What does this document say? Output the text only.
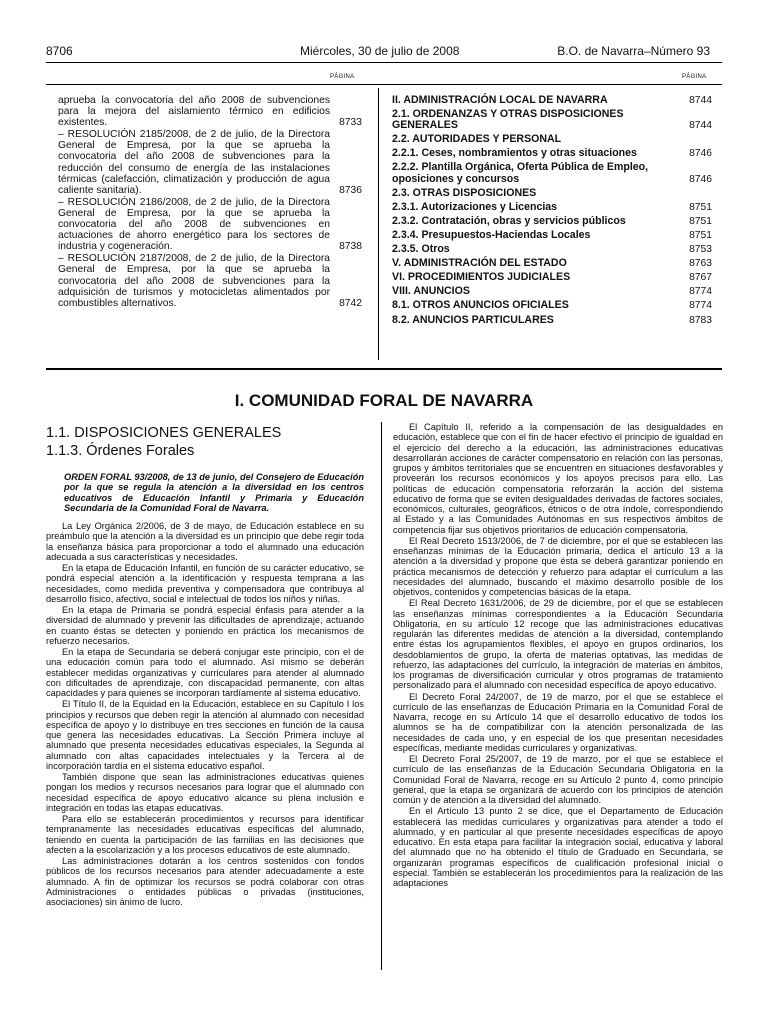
8706	Miércoles, 30 de julio de 2008	B.O. de Navarra–Número 93
PÁGINA	PÁGINA
aprueba la convocatoria del año 2008 de subvenciones para la mejora del aislamiento térmico en edificios existentes.	8733
– RESOLUCIÓN 2185/2008, de 2 de julio, de la Directora General de Empresa, por la que se aprueba la convocatoria del año 2008 de subvenciones para la reducción del consumo de energía de las instalaciones térmicas (calefacción, climatización y producción de agua caliente sanitaria).	8736
– RESOLUCIÓN 2186/2008, de 2 de julio, de la Directora General de Empresa, por la que se aprueba la convocatoria del año 2008 de subvenciones en actuaciones de ahorro energético para los sectores de industria y cogeneración.	8738
– RESOLUCIÓN 2187/2008, de 2 de julio, de la Directora General de Empresa, por la que se aprueba la convocatoria del año 2008 de subvenciones para la adquisición de turismos y motocicletas alimentados por combustibles alternativos.	8742
II. ADMINISTRACIÓN LOCAL DE NAVARRA	8744
2.1. ORDENANZAS Y OTRAS DISPOSICIONES
GENERALES	8744
2.2. AUTORIDADES Y PERSONAL
2.2.1. Ceses, nombramientos y otras situaciones	8746
2.2.2. Plantilla Orgánica, Oferta Pública de Empleo,
oposiciones y concursos	8746
2.3. OTRAS DISPOSICIONES
2.3.1. Autorizaciones y Licencias	8751
2.3.2. Contratación, obras y servicios públicos	8751
2.3.4. Presupuestos-Haciendas Locales	8751
2.3.5. Otros	8753
V. ADMINISTRACIÓN DEL ESTADO	8763
VI. PROCEDIMIENTOS JUDICIALES	8767
VIII. ANUNCIOS	8774
8.1. OTROS ANUNCIOS OFICIALES	8774
8.2. ANUNCIOS PARTICULARES	8783
I. COMUNIDAD FORAL DE NAVARRA
1.1. DISPOSICIONES GENERALES
1.1.3. Órdenes Forales

ORDEN FORAL 93/2008, de 13 de junio, del Consejero de Educación por la que se regula la atención a la diversidad en los centros educativos de Educación Infantil y Primaria y Educación Secundaria de la Comunidad Foral de Navarra.

La Ley Orgánica 2/2006, de 3 de mayo, de Educación establece en su preámbulo que la atención a la diversidad es un principio que debe regir toda la enseñanza básica para proporcionar a todo el alumnado una educación adecuada a sus características y necesidades.

En la etapa de Educación Infantil, en función de su carácter educativo, se pondrá especial atención a la identificación y respuesta temprana a las necesidades, como medida preventiva y compensadora que contribuya al desarrollo físico, afectivo, social e intelectual de todos los niños y niñas.

En la etapa de Primaria se pondrá especial énfasis para atender a la diversidad de alumnado y prevenir las dificultades de aprendizaje, actuando en cuanto éstas se detecten y poniendo en práctica los mecanismos de refuerzo necesarios.

En la etapa de Secundaria se deberá conjugar este principio, con el de una educación común para todo el alumnado. Así mismo se deberán establecer medidas organizativas y curriculares para atender al alumnado con dificultades de aprendizaje, con discapacidad permanente, con altas capacidades y para quienes se incorporan tardíamente al sistema educativo.

El Título II, de la Equidad en la Educación, establece en su Capítulo I los principios y recursos que deben regir la atención al alumnado con necesidad específica de apoyo y lo distribuye en tres secciones en función de la causa que genera las necesidades educativas. La Sección Primera incluye al alumnado que presenta necesidades educativas especiales, la Segunda al alumnado con altas capacidades intelectuales y la Tercera al de incorporación tardía en el sistema educativo español.

También dispone que sean las administraciones educativas quienes pongan los medios y recursos necesarios para lograr que el alumnado con necesidad específica de apoyo educativo alcance su plena inclusión e integración en todas las etapas educativas.

Para ello se establecerán procedimientos y recursos para identificar tempranamente las necesidades educativas específicas del alumnado, teniendo en cuenta la participación de las familias en las decisiones que afecten a la escolarización y a los procesos educativos de este alumnado.

Las administraciones dotarán a los centros sostenidos con fondos públicos de los recursos necesarios para atender adecuadamente a este alumnado. A fin de optimizar los recursos se podrá colaborar con otras Administraciones o entidades públicas o privadas (instituciones, asociaciones) sin ánimo de lucro.

El Capítulo II, referido a la compensación de las desigualdades en educación, establece que con el fin de hacer efectivo el principio de igualdad en el ejercicio del derecho a la educación, las administraciones educativas desarrollarán acciones de carácter compensatorio en relación con las personas, grupos y ámbitos territoriales que se encuentren en situaciones desfavorables y proveerán los recursos económicos y los apoyos precisos para ello. Las políticas de educación compensatoria reforzarán la acción del sistema educativo de forma que se eviten desigualdades derivadas de factores sociales, económicos, culturales, geográficos, étnicos o de otra índole, correspondiendo al Estado y a las Comunidades Autónomas en sus respectivos ámbitos de competencia fijar sus objetivos prioritarios de educación compensatoria.

El Real Decreto 1513/2006, de 7 de diciembre, por el que se establecen las enseñanzas mínimas de la Educación primaria, dedica el artículo 13 a la atención a la diversidad y propone que ésta se deberá garantizar poniendo en práctica mecanismos de detección y refuerzo para adaptar el currículum a las necesidades del alumnado, buscando el máximo desarrollo posible de los objetivos, contenidos y competencias básicas de la etapa.

El Real Decreto 1631/2006, de 29 de diciembre, por el que se establecen las enseñanzas mínimas correspondientes a la Educación Secundaria Obligatoria, en su artículo 12 recoge que las administraciones educativas regularán las diferentes medidas de atención a la diversidad, contemplando entre éstas los agrupamientos flexibles, el apoyo en grupos ordinarios, los desdoblamientos de grupo, la oferta de materias optativas, las medidas de refuerzo, las adaptaciones del currículo, la integración de materias en ámbitos, los programas de diversificación curricular y otros programas de tratamiento personalizado para el alumnado con necesidad específica de apoyo educativo.

El Decreto Foral 24/2007, de 19 de marzo, por el que se establece el currículo de las enseñanzas de Educación Primaria en la Comunidad Foral de Navarra, recoge en su Artículo 14 que el desarrollo educativo de todos los alumnos se ha de compatibilizar con la atención personalizada de las necesidades de cada uno, y en especial de los que presentan necesidades específicas, mediante medidas curriculares y organizativas.

El Decreto Foral 25/2007, de 19 de marzo, por el que se establece el currículo de las enseñanzas de la Educación Secundaria Obligatoria en la Comunidad Foral de Navarra, recoge en su Artículo 2 punto 4, como principio general, que la etapa se organizará de acuerdo con los principios de atención común y de atención a la diversidad del alumnado.

En el Artículo 13 punto 2 se dice, que el Departamento de Educación establecerá las medidas curriculares y organizativas para atender a todo el alumnado, y en particular al que presente necesidades específicas de apoyo educativo. En esta etapa para facilitar la integración social, educativa y laboral del alumnado que no ha obtenido el título de Graduado en Secundaria, se organizarán programas específicos de cualificación profesional inicial o especial. También se establecerán los procedimientos para la realización de las adaptaciones
